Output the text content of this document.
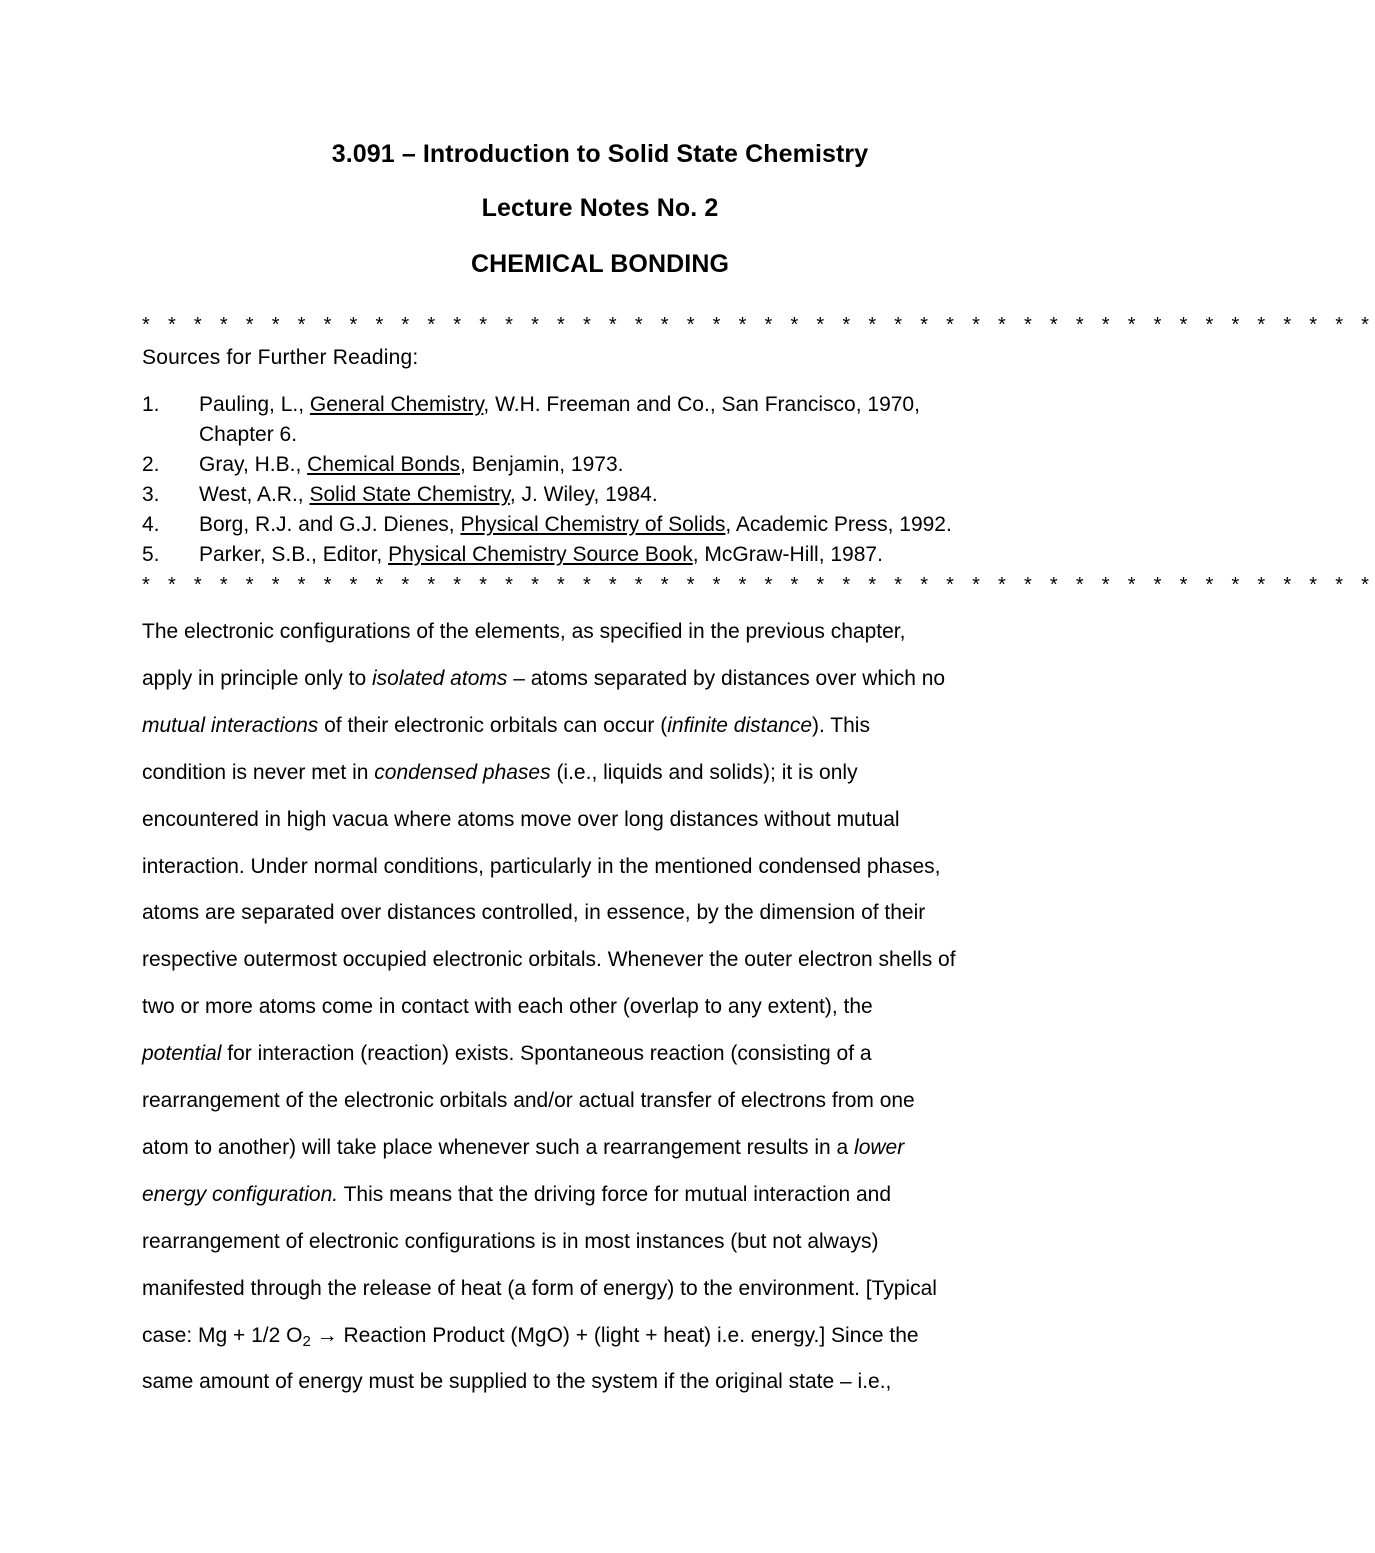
3.091 – Introduction to Solid State Chemistry
Lecture Notes No. 2
CHEMICAL BONDING
* * * * * * * * * * * * * * * * * * * * * * * * * * * * * * * * * * * * * * * * * * * * * * * *
Sources for Further Reading:
1. Pauling, L., General Chemistry, W.H. Freeman and Co., San Francisco, 1970,
Chapter 6.
2. Gray, H.B., Chemical Bonds, Benjamin, 1973.
3. West, A.R., Solid State Chemistry, J. Wiley, 1984.
4. Borg, R.J. and G.J. Dienes, Physical Chemistry of Solids, Academic Press, 1992.
5. Parker, S.B., Editor, Physical Chemistry Source Book, McGraw-Hill, 1987.
* * * * * * * * * * * * * * * * * * * * * * * * * * * * * * * * * * * * * * * * * * * * * * * *
The electronic configurations of the elements, as specified in the previous chapter,
apply in principle only to isolated atoms – atoms separated by distances over which no
mutual interactions of their electronic orbitals can occur (infinite distance). This
condition is never met in condensed phases (i.e., liquids and solids); it is only
encountered in high vacua where atoms move over long distances without mutual
interaction. Under normal conditions, particularly in the mentioned condensed phases,
atoms are separated over distances controlled, in essence, by the dimension of their
respective outermost occupied electronic orbitals. Whenever the outer electron shells of
two or more atoms come in contact with each other (overlap to any extent), the
potential for interaction (reaction) exists. Spontaneous reaction (consisting of a
rearrangement of the electronic orbitals and/or actual transfer of electrons from one
atom to another) will take place whenever such a rearrangement results in a lower
energy configuration. This means that the driving force for mutual interaction and
rearrangement of electronic configurations is in most instances (but not always)
manifested through the release of heat (a form of energy) to the environment. [Typical
case: Mg + 1/2 $O_2$ → Reaction Product (MgO) + (light + heat) i.e. energy.] Since the
same amount of energy must be supplied to the system if the original state – i.e.,
